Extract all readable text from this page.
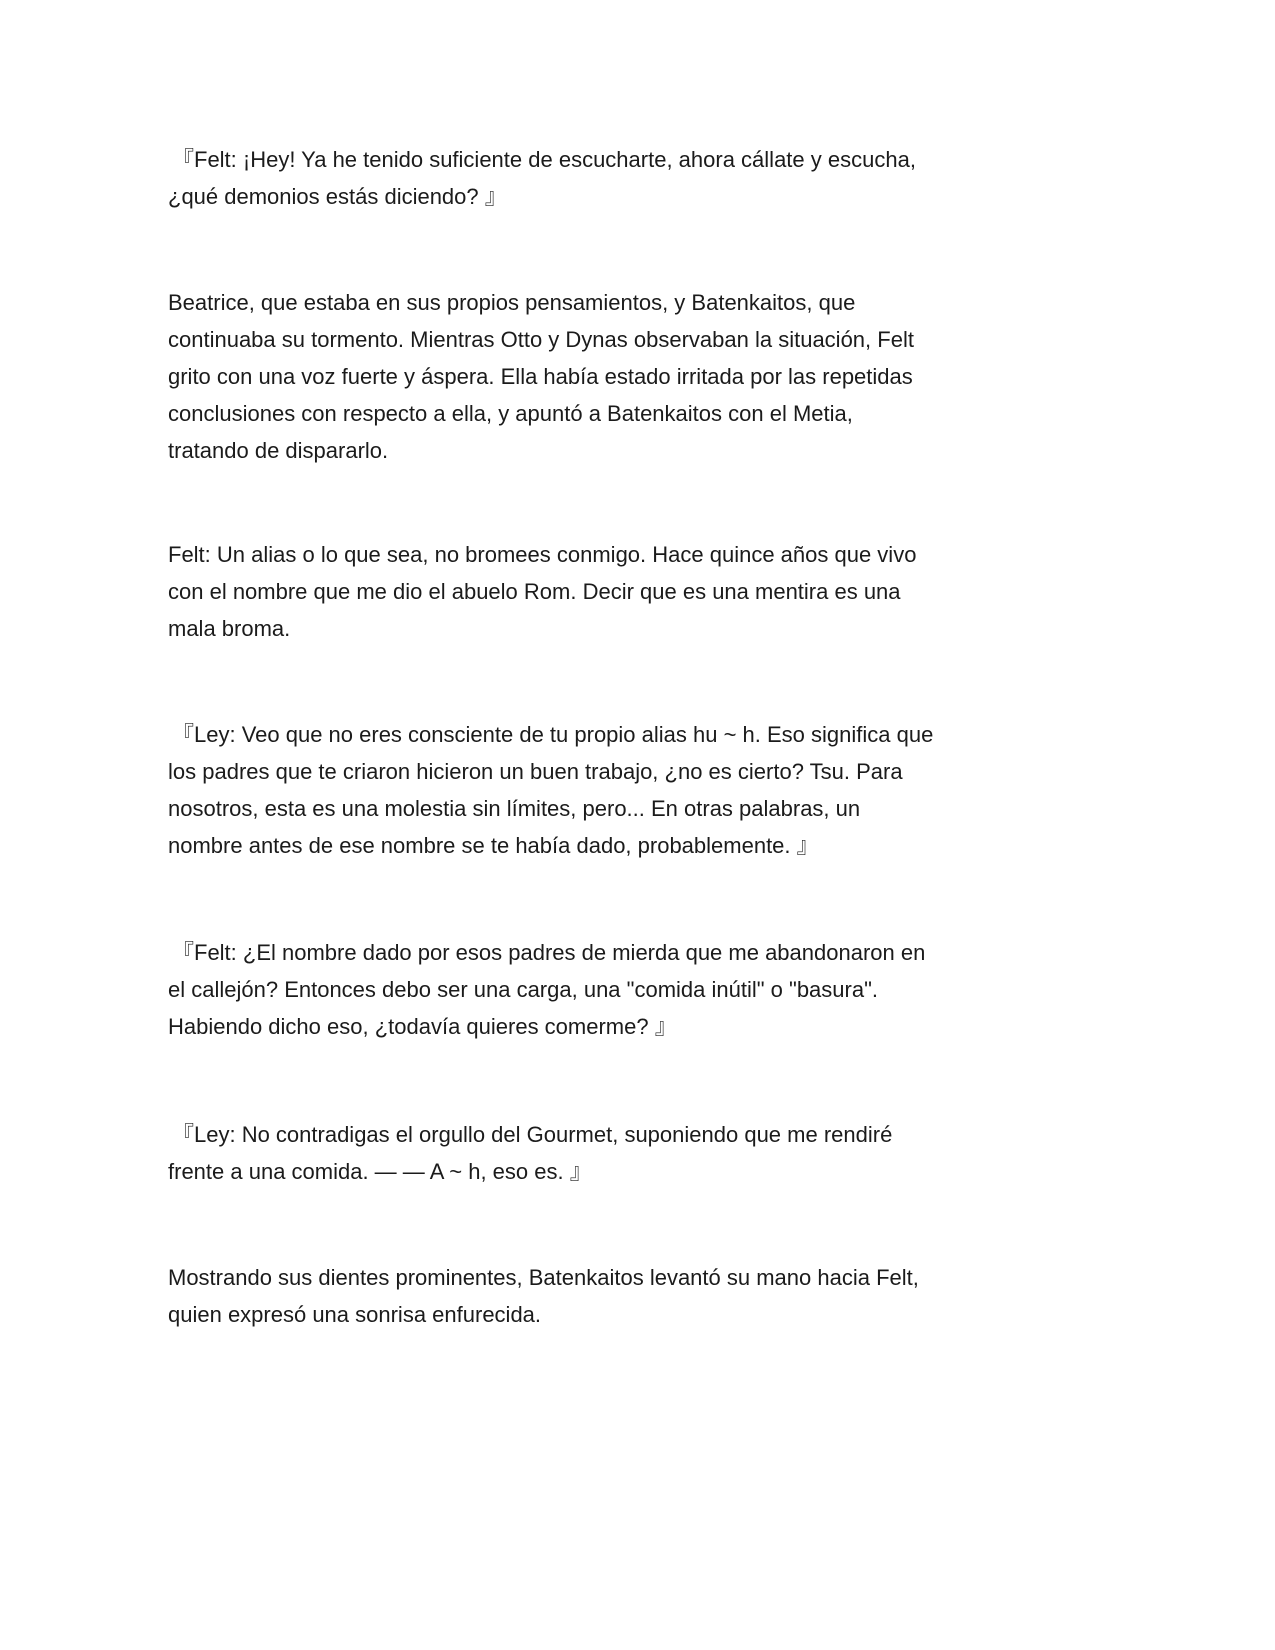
『Felt: ¡Hey! Ya he tenido suficiente de escucharte, ahora cállate y escucha,
¿qué demonios estás diciendo? 』
Beatrice, que estaba en sus propios pensamientos, y Batenkaitos, que
continuaba su tormento. Mientras Otto y Dynas observaban la situación, Felt
grito con una voz fuerte y áspera. Ella había estado irritada por las repetidas
conclusiones con respecto a ella, y apuntó a Batenkaitos con el Metia,
tratando de dispararlo.
Felt: Un alias o lo que sea, no bromees conmigo. Hace quince años que vivo
con el nombre que me dio el abuelo Rom. Decir que es una mentira es una
mala broma.
『Ley: Veo que no eres consciente de tu propio alias hu ~ h. Eso significa que
los padres que te criaron hicieron un buen trabajo, ¿no es cierto? Tsu. Para
nosotros, esta es una molestia sin límites, pero... En otras palabras, un
nombre antes de ese nombre se te había dado, probablemente. 』
『Felt: ¿El nombre dado por esos padres de mierda que me abandonaron en
el callejón? Entonces debo ser una carga, una "comida inútil" o "basura".
Habiendo dicho eso, ¿todavía quieres comerme? 』
『Ley: No contradigas el orgullo del Gourmet, suponiendo que me rendiré
frente a una comida. — — A ~ h, eso es. 』
Mostrando sus dientes prominentes, Batenkaitos levantó su mano hacia Felt,
quien expresó una sonrisa enfurecida.
